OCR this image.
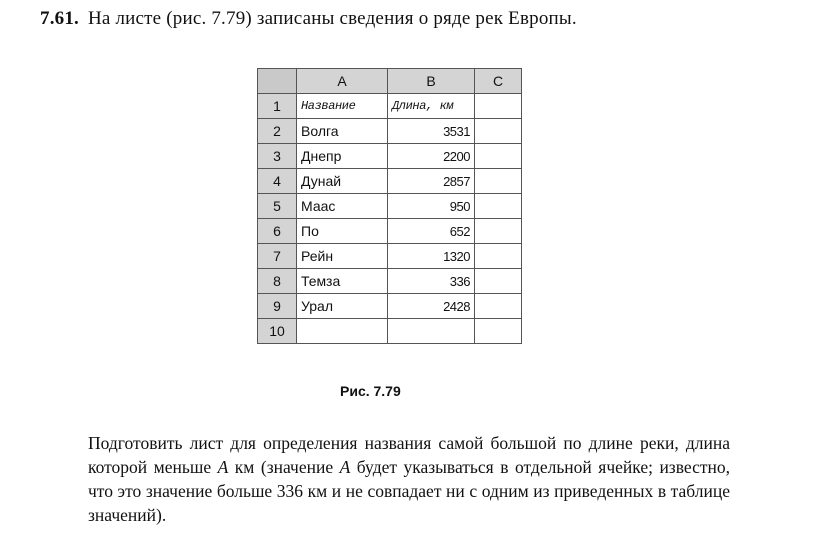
7.61. На листе (рис. 7.79) записаны сведения о ряде рек Европы.
	A	B	C
1	Название	Длина, км	
2	Волга	3531	
3	Днепр	2200	
4	Дунай	2857	
5	Маас	950	
6	По	652	
7	Рейн	1320	
8	Темза	336	
9	Урал	2428	
10			
Рис. 7.79
Подготовить лист для определения названия самой большой по длине реки, длина которой меньше А км (значение А будет указываться в отдельной ячейке; известно, что это значение больше 336 км и не совпадает ни с одним из приведенных в таблице значений).
